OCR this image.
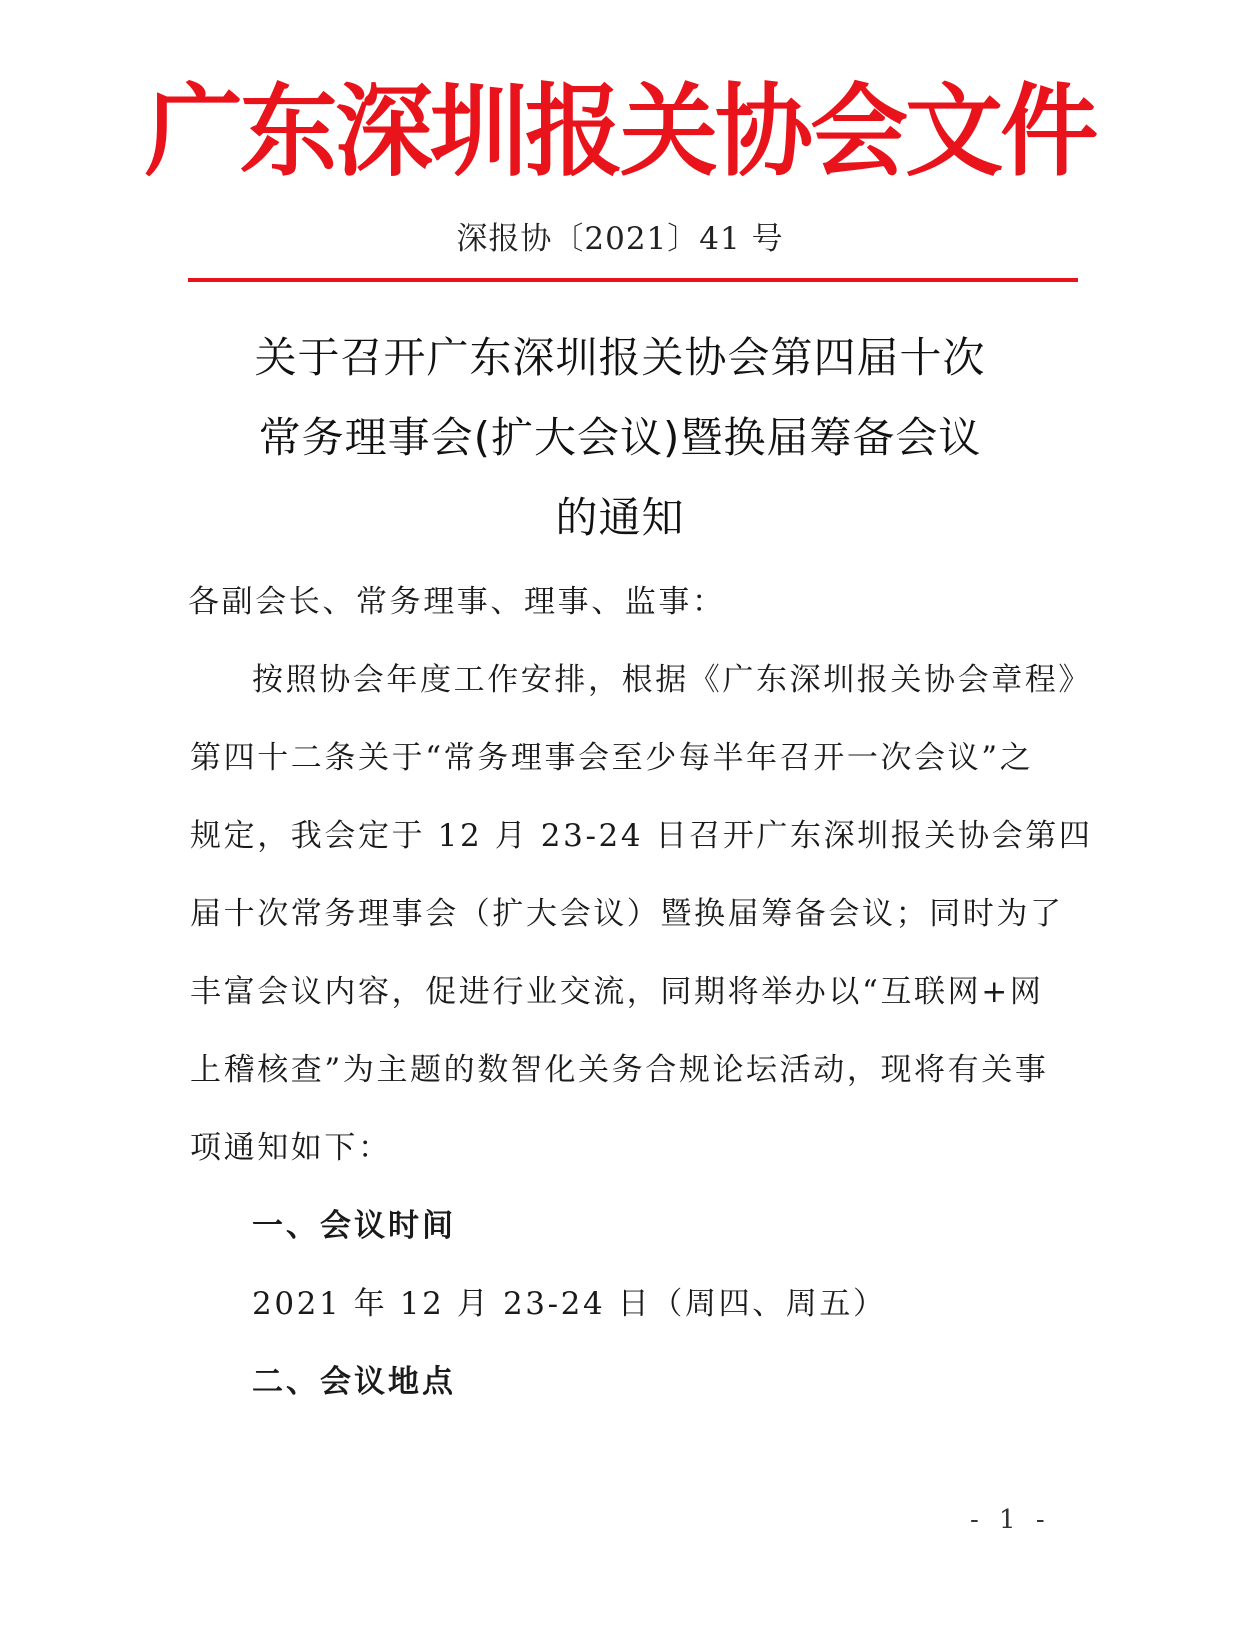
广东深圳报关协会文件
深报协〔2021〕41 号
关于召开广东深圳报关协会第四届十次
常务理事会(扩大会议)暨换届筹备会议
的通知
各副会长、常务理事、理事、监事：
按照协会年度工作安排，根据《广东深圳报关协会章程》
第四十二条关于“常务理事会至少每半年召开一次会议”之
规定，我会定于 12 月 23-24 日召开广东深圳报关协会第四
届十次常务理事会（扩大会议）暨换届筹备会议；同时为了
丰富会议内容，促进行业交流，同期将举办以“互联网+网
上稽核查”为主题的数智化关务合规论坛活动，现将有关事
项通知如下：
一、会议时间
2021 年 12 月 23-24 日（周四、周五）
二、会议地点
- 1 -
